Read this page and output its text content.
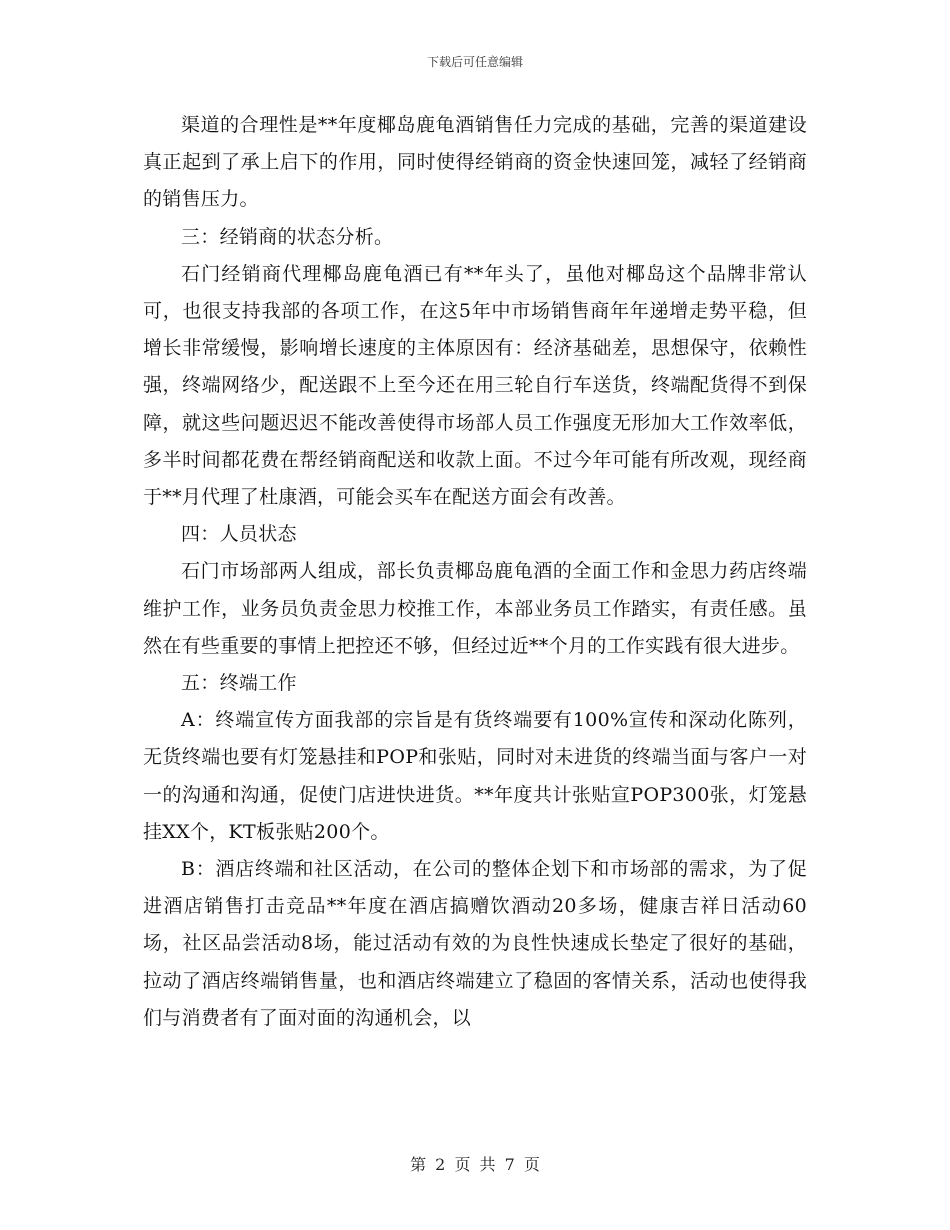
下载后可任意编辑

渠道的合理性是**年度椰岛鹿龟酒销售任力完成的基础，完善的渠道建设真正起到了承上启下的作用，同时使得经销商的资金快速回笼，减轻了经销商的销售压力。

三：经销商的状态分析。

石门经销商代理椰岛鹿龟酒已有**年头了，虽他对椰岛这个品牌非常认可，也很支持我部的各项工作，在这5年中市场销售商年年递增走势平稳，但增长非常缓慢，影响增长速度的主体原因有：经济基础差，思想保守，依赖性强，终端网络少，配送跟不上至今还在用三轮自行车送货，终端配货得不到保障，就这些问题迟迟不能改善使得市场部人员工作强度无形加大工作效率低，多半时间都花费在帮经销商配送和收款上面。不过今年可能有所改观，现经商于**月代理了杜康酒，可能会买车在配送方面会有改善。

四：人员状态

石门市场部两人组成，部长负责椰岛鹿龟酒的全面工作和金思力药店终端维护工作，业务员负责金思力校推工作，本部业务员工作踏实，有责任感。虽然在有些重要的事情上把控还不够，但经过近**个月的工作实践有很大进步。

五：终端工作

A：终端宣传方面我部的宗旨是有货终端要有100%宣传和深动化陈列，无货终端也要有灯笼悬挂和POP和张贴，同时对未进货的终端当面与客户一对一的沟通和沟通，促使门店进快进货。**年度共计张贴宣POP300张，灯笼悬挂XX个，KT板张贴200个。

B：酒店终端和社区活动，在公司的整体企划下和市场部的需求，为了促进酒店销售打击竞品**年度在酒店搞赠饮酒动20多场，健康吉祥日活动60场，社区品尝活动8场，能过活动有效的为良性快速成长垫定了很好的基础，拉动了酒店终端销售量，也和酒店终端建立了稳固的客情关系，活动也使得我们与消费者有了面对面的沟通机会，以

第 2 页 共 7 页
